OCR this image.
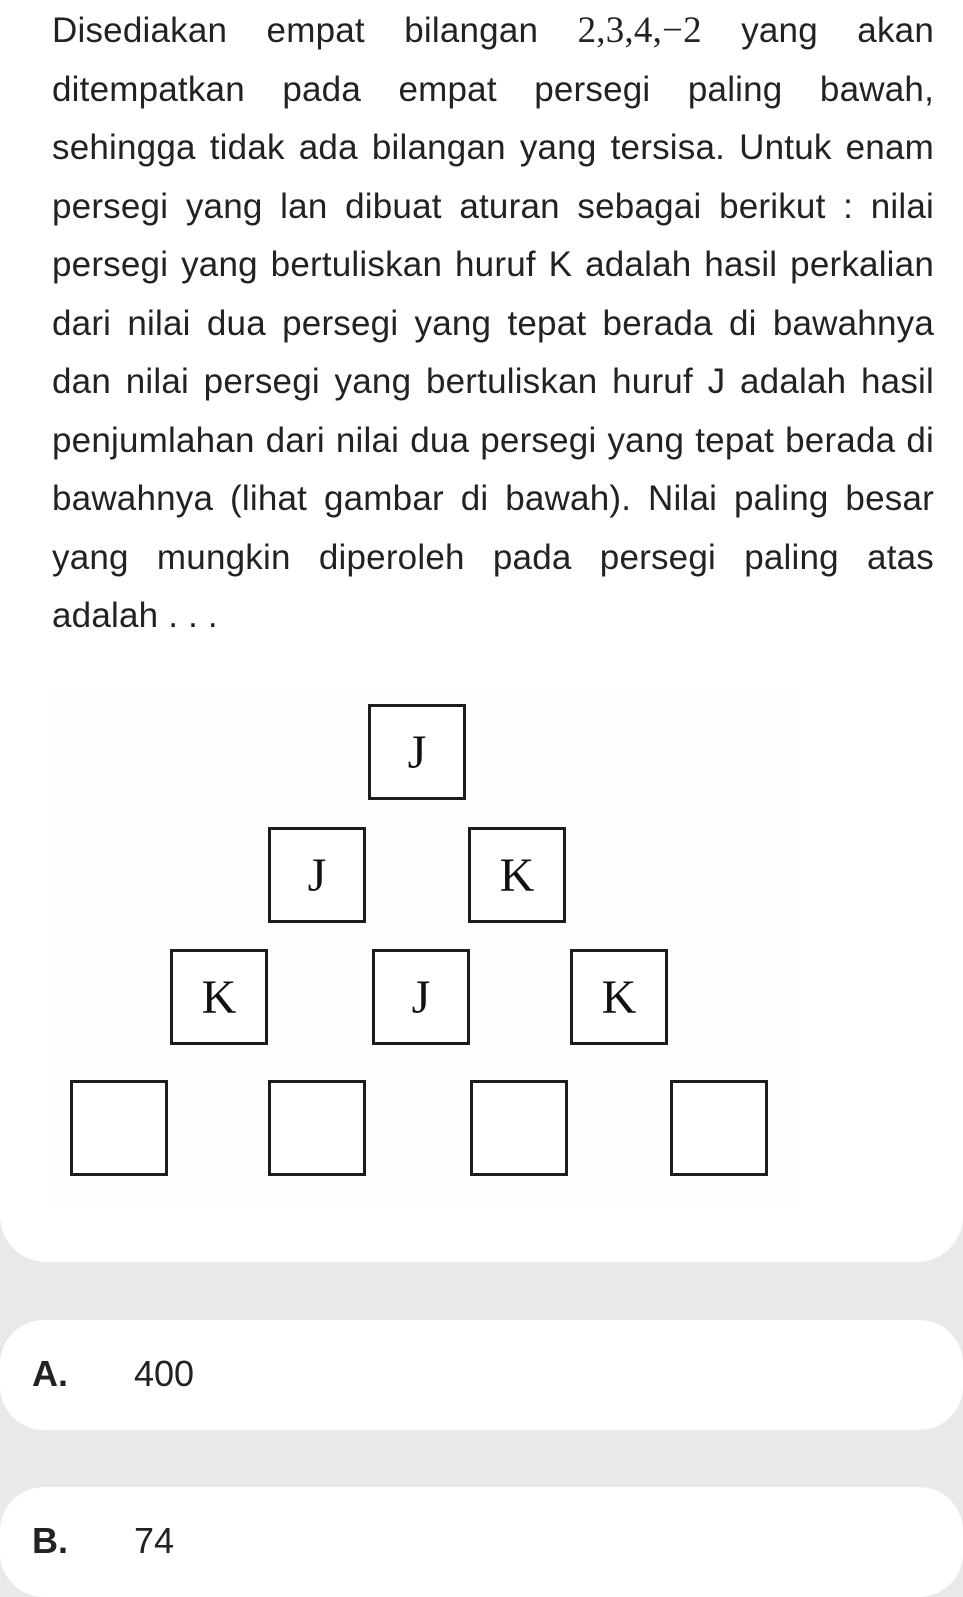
Disediakan empat bilangan 2,3,4,−2 yang akan ditempatkan pada empat persegi paling bawah, sehingga tidak ada bilangan yang tersisa. Untuk enam persegi yang lan dibuat aturan sebagai berikut : nilai persegi yang bertuliskan huruf K adalah hasil perkalian dari nilai dua persegi yang tepat berada di bawahnya dan nilai persegi yang bertuliskan huruf J adalah hasil penjumlahan dari nilai dua persegi yang tepat berada di bawahnya (lihat gambar di bawah). Nilai paling besar yang mungkin diperoleh pada persegi paling atas adalah . . .
J
J	K
K	J	K
A. 400
B. 74
